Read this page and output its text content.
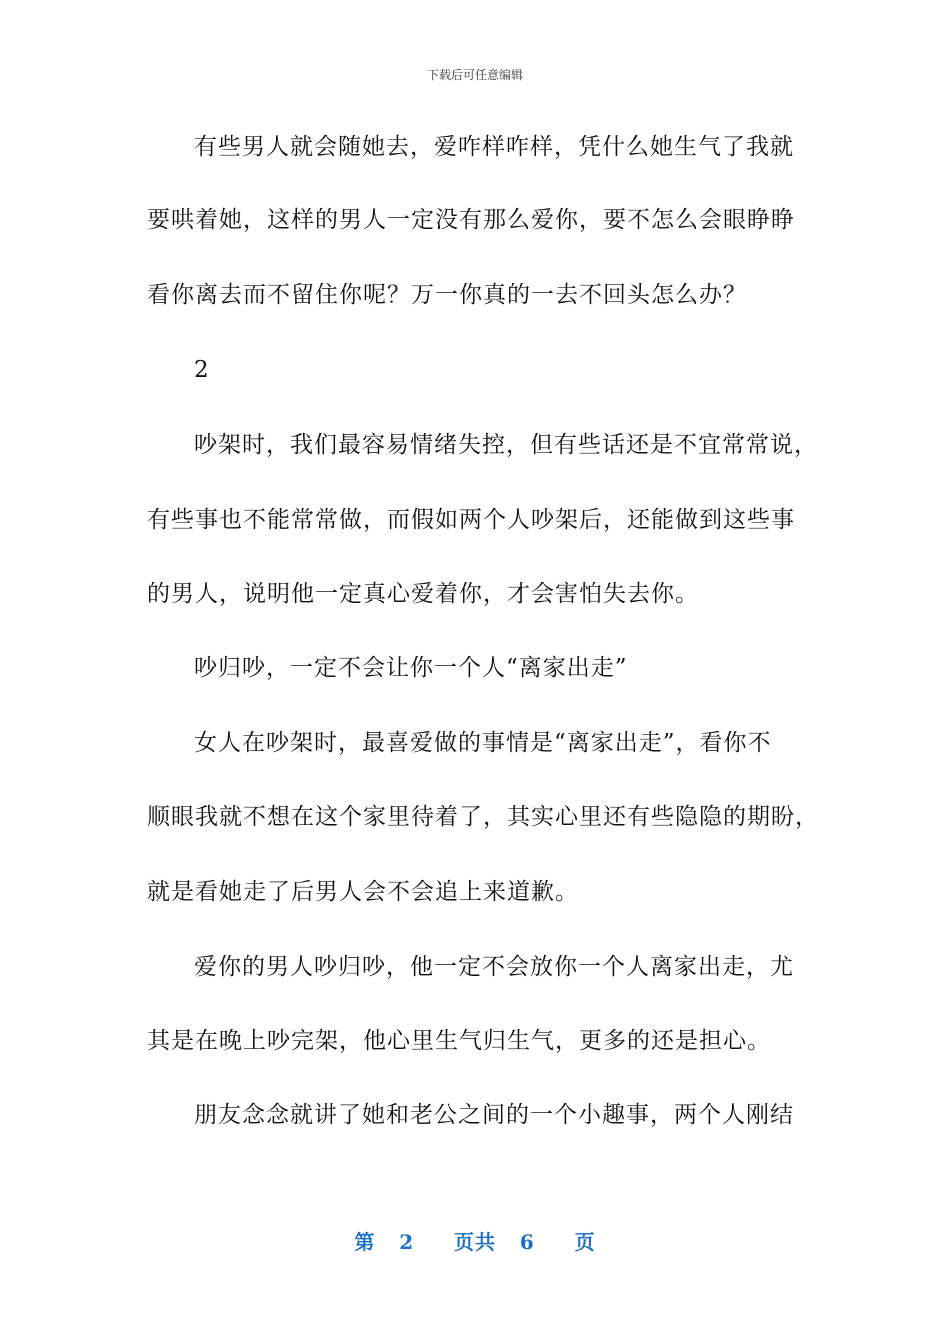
下载后可任意编辑
有些男人就会随她去，爱咋样咋样，凭什么她生气了我就
要哄着她，这样的男人一定没有那么爱你，要不怎么会眼睁睁
看你离去而不留住你呢？万一你真的一去不回头怎么办？
2
吵架时，我们最容易情绪失控，但有些话还是不宜常常说，
有些事也不能常常做，而假如两个人吵架后，还能做到这些事
的男人，说明他一定真心爱着你，才会害怕失去你。
吵归吵，一定不会让你一个人“离家出走”
女人在吵架时，最喜爱做的事情是“离家出走”，看你不
顺眼我就不想在这个家里待着了，其实心里还有些隐隐的期盼，
就是看她走了后男人会不会追上来道歉。
爱你的男人吵归吵，他一定不会放你一个人离家出走，尤
其是在晚上吵完架，他心里生气归生气，更多的还是担心。
朋友念念就讲了她和老公之间的一个小趣事，两个人刚结
第 2 页共 6 页
